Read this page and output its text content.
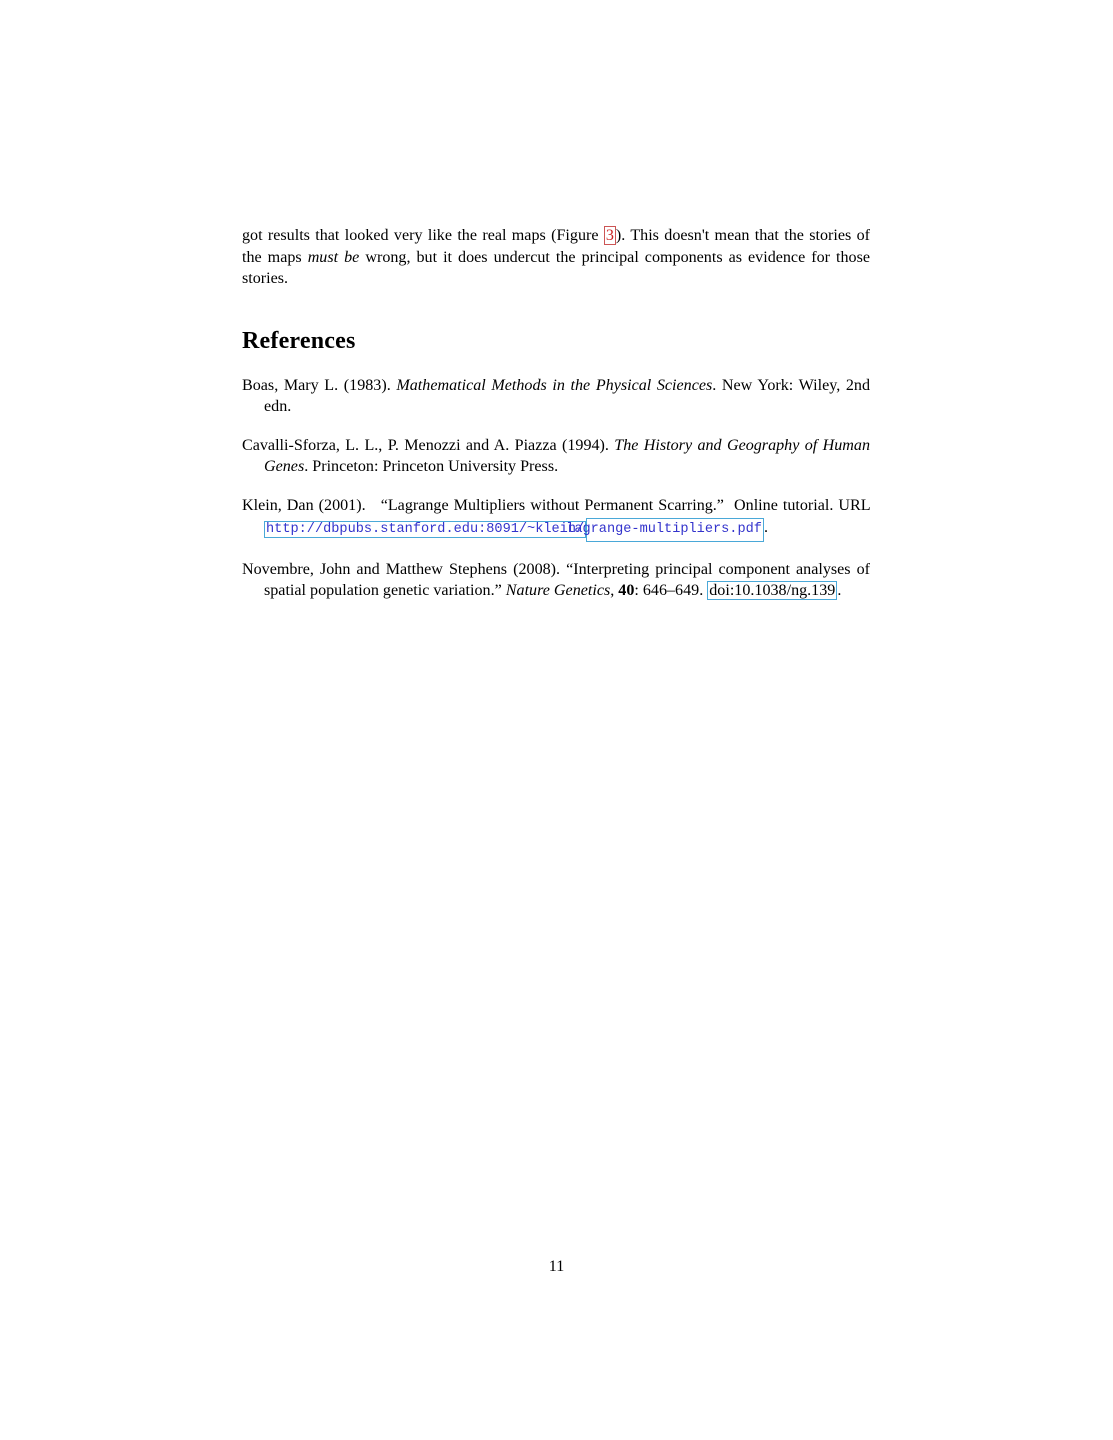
got results that looked very like the real maps (Figure 3 ). This doesn't mean that the stories of the maps must be wrong, but it does undercut the principal components as evidence for those stories.

References

Boas, Mary L. (1983). Mathematical Methods in the Physical Sciences. New York: Wiley, 2nd edn.

Cavalli-Sforza, L. L., P. Menozzi and A. Piazza (1994). The History and Geography of Human Genes. Princeton: Princeton University Press.

Klein, Dan (2001). “Lagrange Multipliers without Permanent Scarring.” Online tutorial. URL http://dbpubs.stanford.edu:8091/~klein/lagrange-multipliers.pdf .

Novembre, John and Matthew Stephens (2008). “Interpreting principal component analyses of spatial population genetic variation.” Nature Genetics, 40: 646–649. doi:10.1038/ng.139 .

11
